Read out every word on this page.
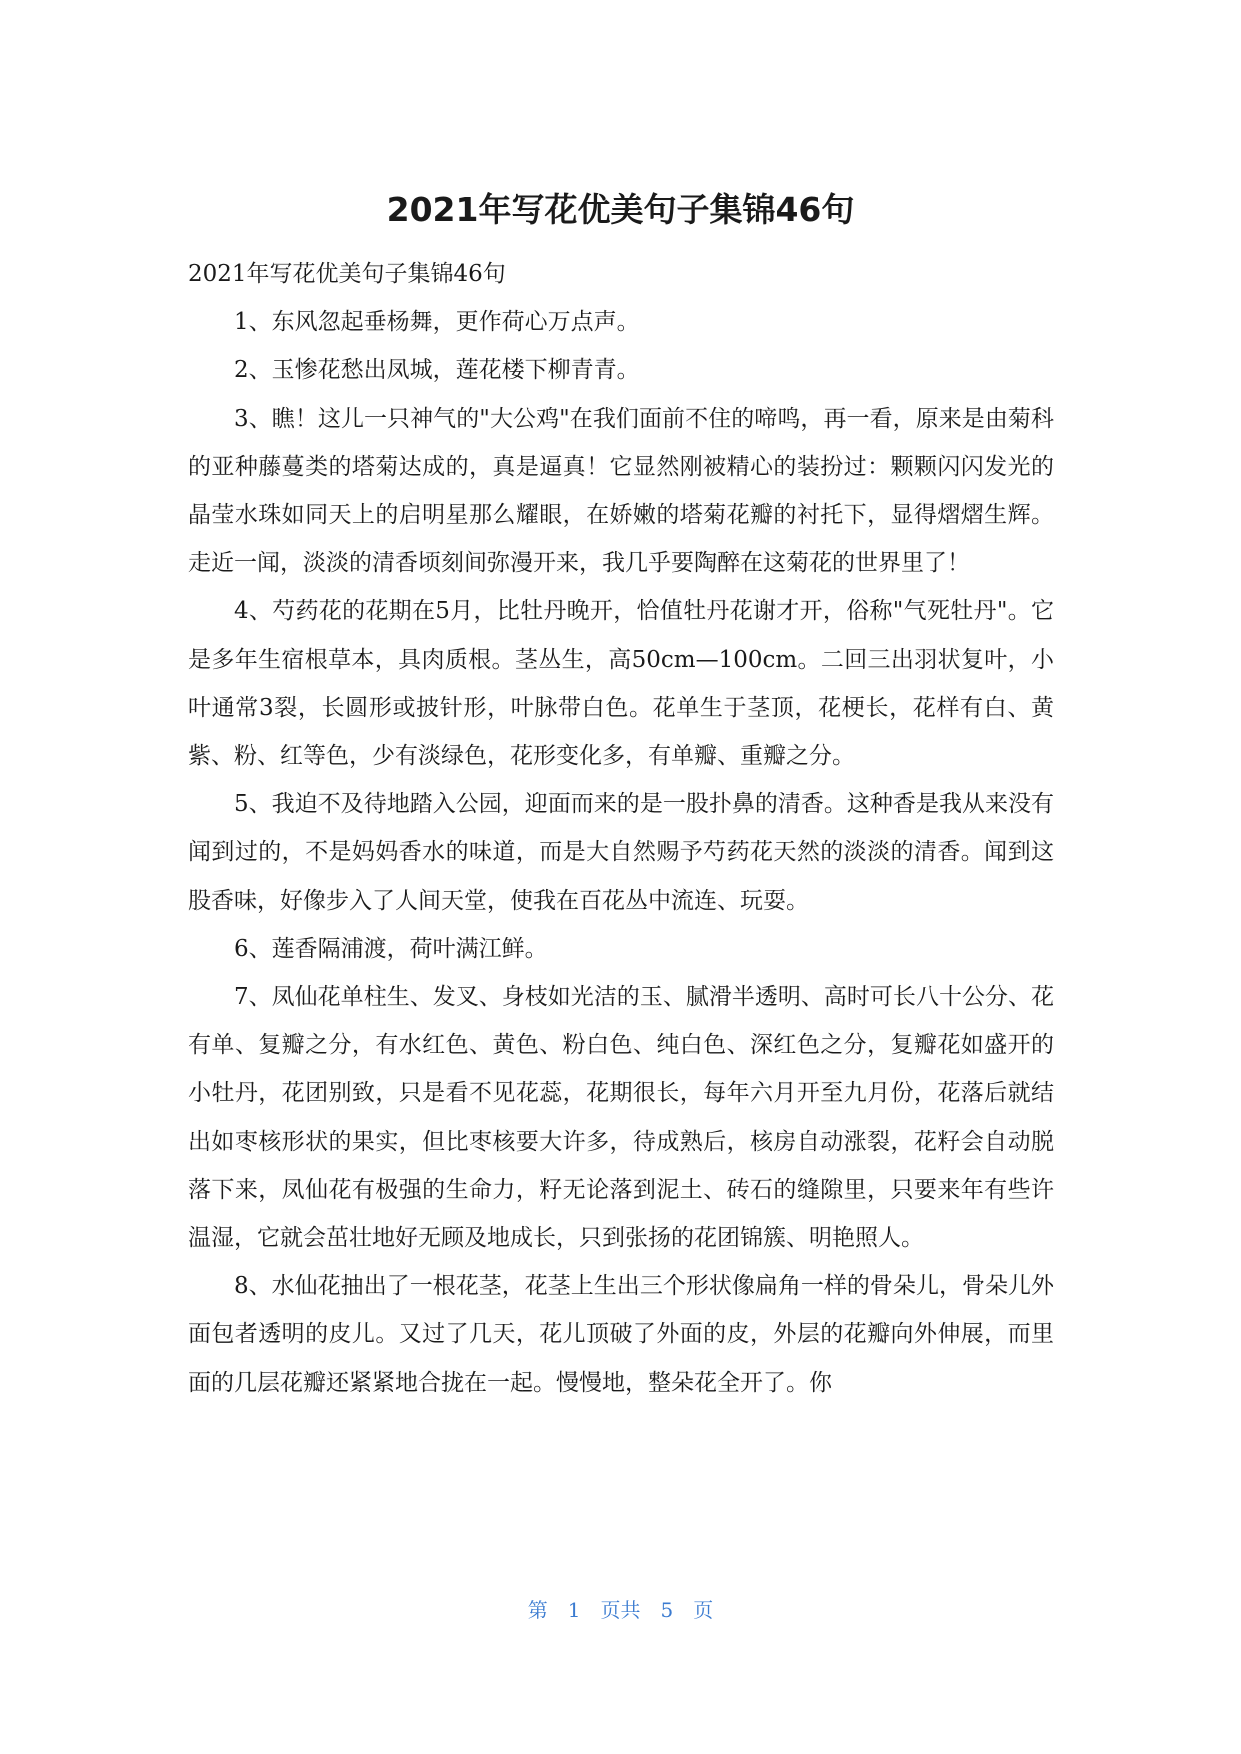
2021年写花优美句子集锦46句

2021年写花优美句子集锦46句

1、东风忽起垂杨舞，更作荷心万点声。

2、玉惨花愁出凤城，莲花楼下柳青青。

3、瞧！这儿一只神气的"大公鸡"在我们面前不住的啼鸣，再一看，原来是由菊科的亚种藤蔓类的塔菊达成的，真是逼真！它显然刚被精心的装扮过：颗颗闪闪发光的晶莹水珠如同天上的启明星那么耀眼，在娇嫩的塔菊花瓣的衬托下，显得熠熠生辉。走近一闻，淡淡的清香顷刻间弥漫开来，我几乎要陶醉在这菊花的世界里了！

4、芍药花的花期在5月，比牡丹晚开，恰值牡丹花谢才开，俗称"气死牡丹"。它是多年生宿根草本，具肉质根。茎丛生，高50cm—100cm。二回三出羽状复叶，小叶通常3裂，长圆形或披针形，叶脉带白色。花单生于茎顶，花梗长，花样有白、黄紫、粉、红等色，少有淡绿色，花形变化多，有单瓣、重瓣之分。

5、我迫不及待地踏入公园，迎面而来的是一股扑鼻的清香。这种香是我从来没有闻到过的，不是妈妈香水的味道，而是大自然赐予芍药花天然的淡淡的清香。闻到这股香味，好像步入了人间天堂，使我在百花丛中流连、玩耍。

6、莲香隔浦渡，荷叶满江鲜。

7、凤仙花单柱生、发叉、身枝如光洁的玉、腻滑半透明、高时可长八十公分、花有单、复瓣之分，有水红色、黄色、粉白色、纯白色、深红色之分，复瓣花如盛开的小牡丹，花团别致，只是看不见花蕊，花期很长，每年六月开至九月份，花落后就结出如枣核形状的果实，但比枣核要大许多，待成熟后，核房自动涨裂，花籽会自动脱落下来，凤仙花有极强的生命力，籽无论落到泥土、砖石的缝隙里，只要来年有些许温湿，它就会茁壮地好无顾及地成长，只到张扬的花团锦簇、明艳照人。

8、水仙花抽出了一根花茎，花茎上生出三个形状像扁角一样的骨朵儿，骨朵儿外面包者透明的皮儿。又过了几天，花儿顶破了外面的皮，外层的花瓣向外伸展，而里面的几层花瓣还紧紧地合拢在一起。慢慢地，整朵花全开了。你

第 1 页共 5 页
